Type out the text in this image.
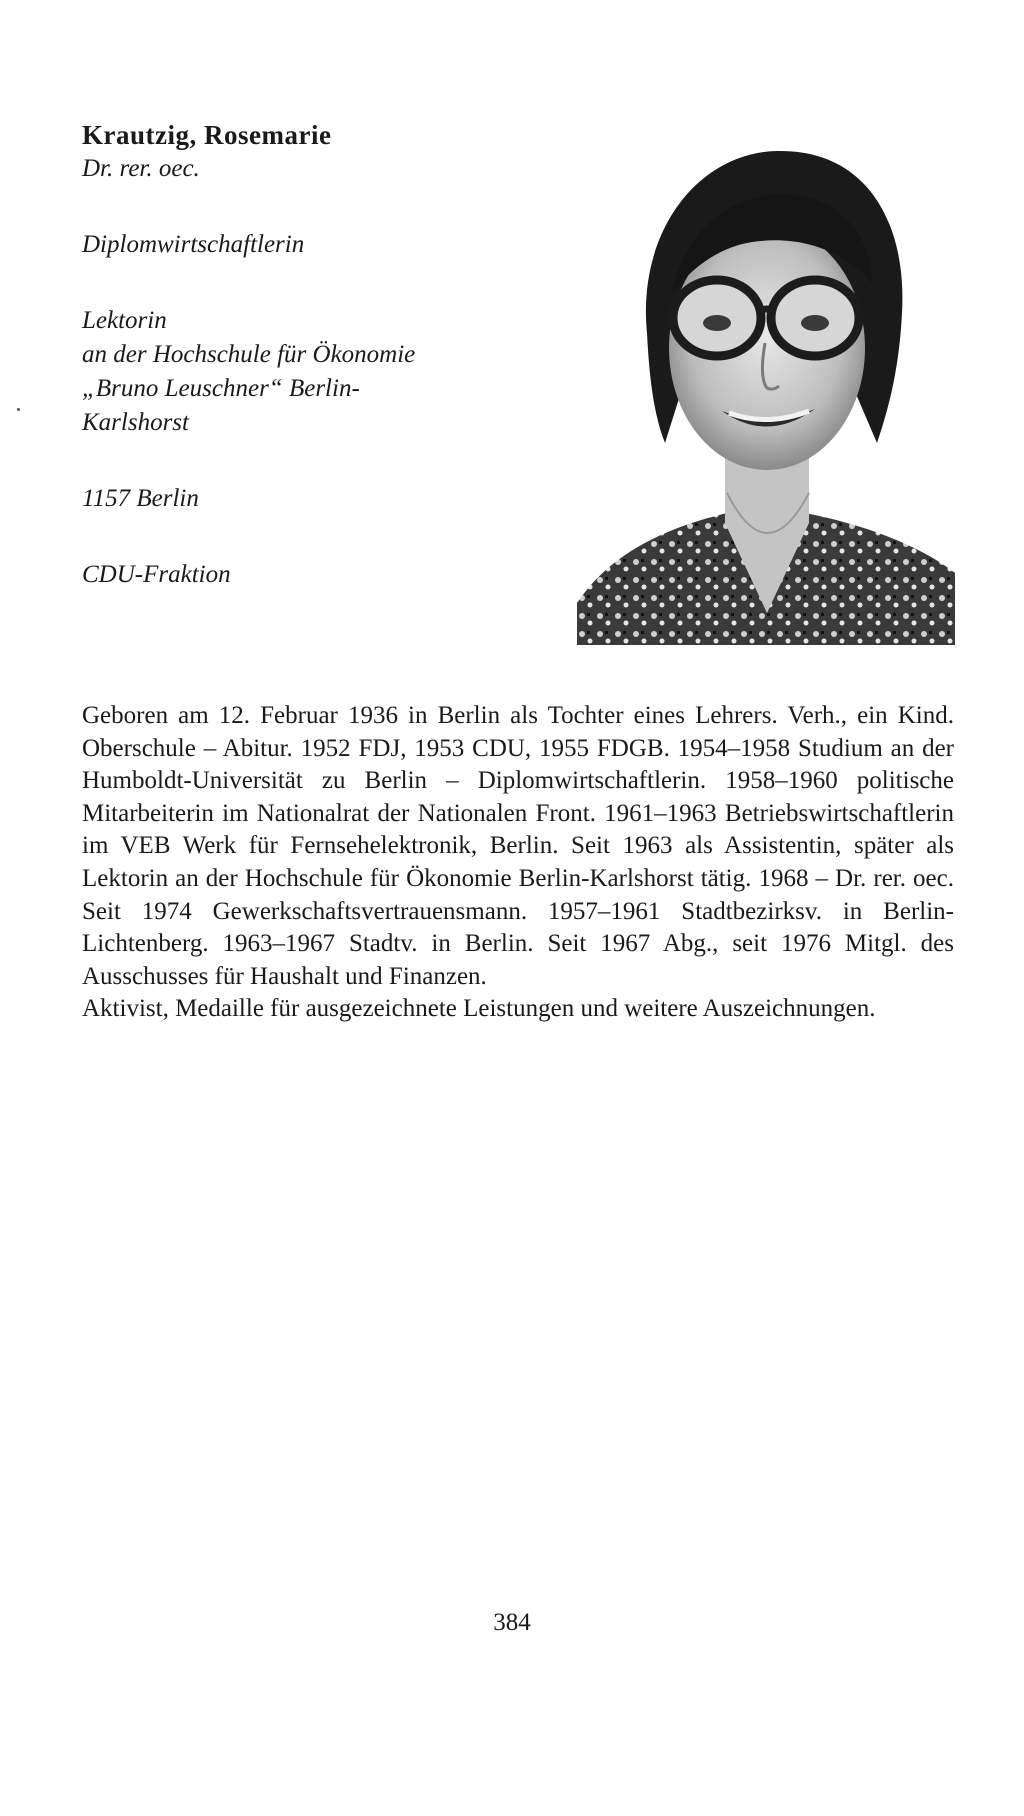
Krautzig, Rosemarie

Dr. rer. oec.

Diplomwirtschaftlerin

Lektorin

an der Hochschule für Ökonomie

„Bruno Leuschner“ Berlin-

Karlshorst

1157 Berlin

CDU-Fraktion

Geboren am 12. Februar 1936 in Berlin als Tochter eines Lehrers. Verh., ein Kind. Oberschule – Abitur. 1952 FDJ, 1953 CDU, 1955 FDGB. 1954–1958 Studium an der Humboldt-Universität zu Berlin – Diplomwirtschaftlerin. 1958–1960 politische Mitarbeiterin im Nationalrat der Nationalen Front. 1961–1963 Betriebswirtschaftlerin im VEB Werk für Fernsehelektronik, Berlin. Seit 1963 als Assistentin, später als Lektorin an der Hochschule für Ökonomie Berlin-Karlshorst tätig. 1968 – Dr. rer. oec. Seit 1974 Gewerkschaftsvertrauensmann. 1957–1961 Stadtbezirksv. in Berlin-Lichtenberg. 1963–1967 Stadtv. in Berlin. Seit 1967 Abg., seit 1976 Mitgl. des Ausschusses für Haushalt und Finanzen.

Aktivist, Medaille für ausgezeichnete Leistungen und weitere Auszeichnungen.

384
